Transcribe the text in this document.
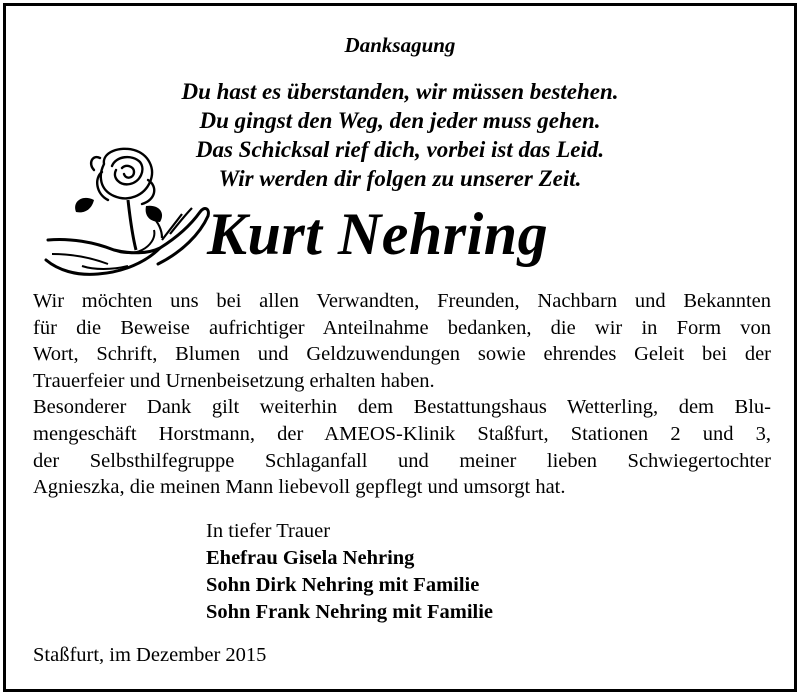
Danksagung
Du hast es überstanden, wir müssen bestehen.
Du gingst den Weg, den jeder muss gehen.
Das Schicksal rief dich, vorbei ist das Leid.
Wir werden dir folgen zu unserer Zeit.
Kurt Nehring
Wir möchten uns bei allen Verwandten, Freunden, Nachbarn und Bekannten
für die Beweise aufrichtiger Anteilnahme bedanken, die wir in Form von
Wort, Schrift, Blumen und Geldzuwendungen sowie ehrendes Geleit bei der
Trauerfeier und Urnenbeisetzung erhalten haben.
Besonderer Dank gilt weiterhin dem Bestattungshaus Wetterling, dem Blu-
mengeschäft Horstmann, der AMEOS-Klinik Staßfurt, Stationen 2 und 3,
der Selbsthilfegruppe Schlaganfall und meiner lieben Schwiegertochter
Agnieszka, die meinen Mann liebevoll gepflegt und umsorgt hat.
In tiefer Trauer
Ehefrau Gisela Nehring
Sohn Dirk Nehring mit Familie
Sohn Frank Nehring mit Familie
Staßfurt, im Dezember 2015
